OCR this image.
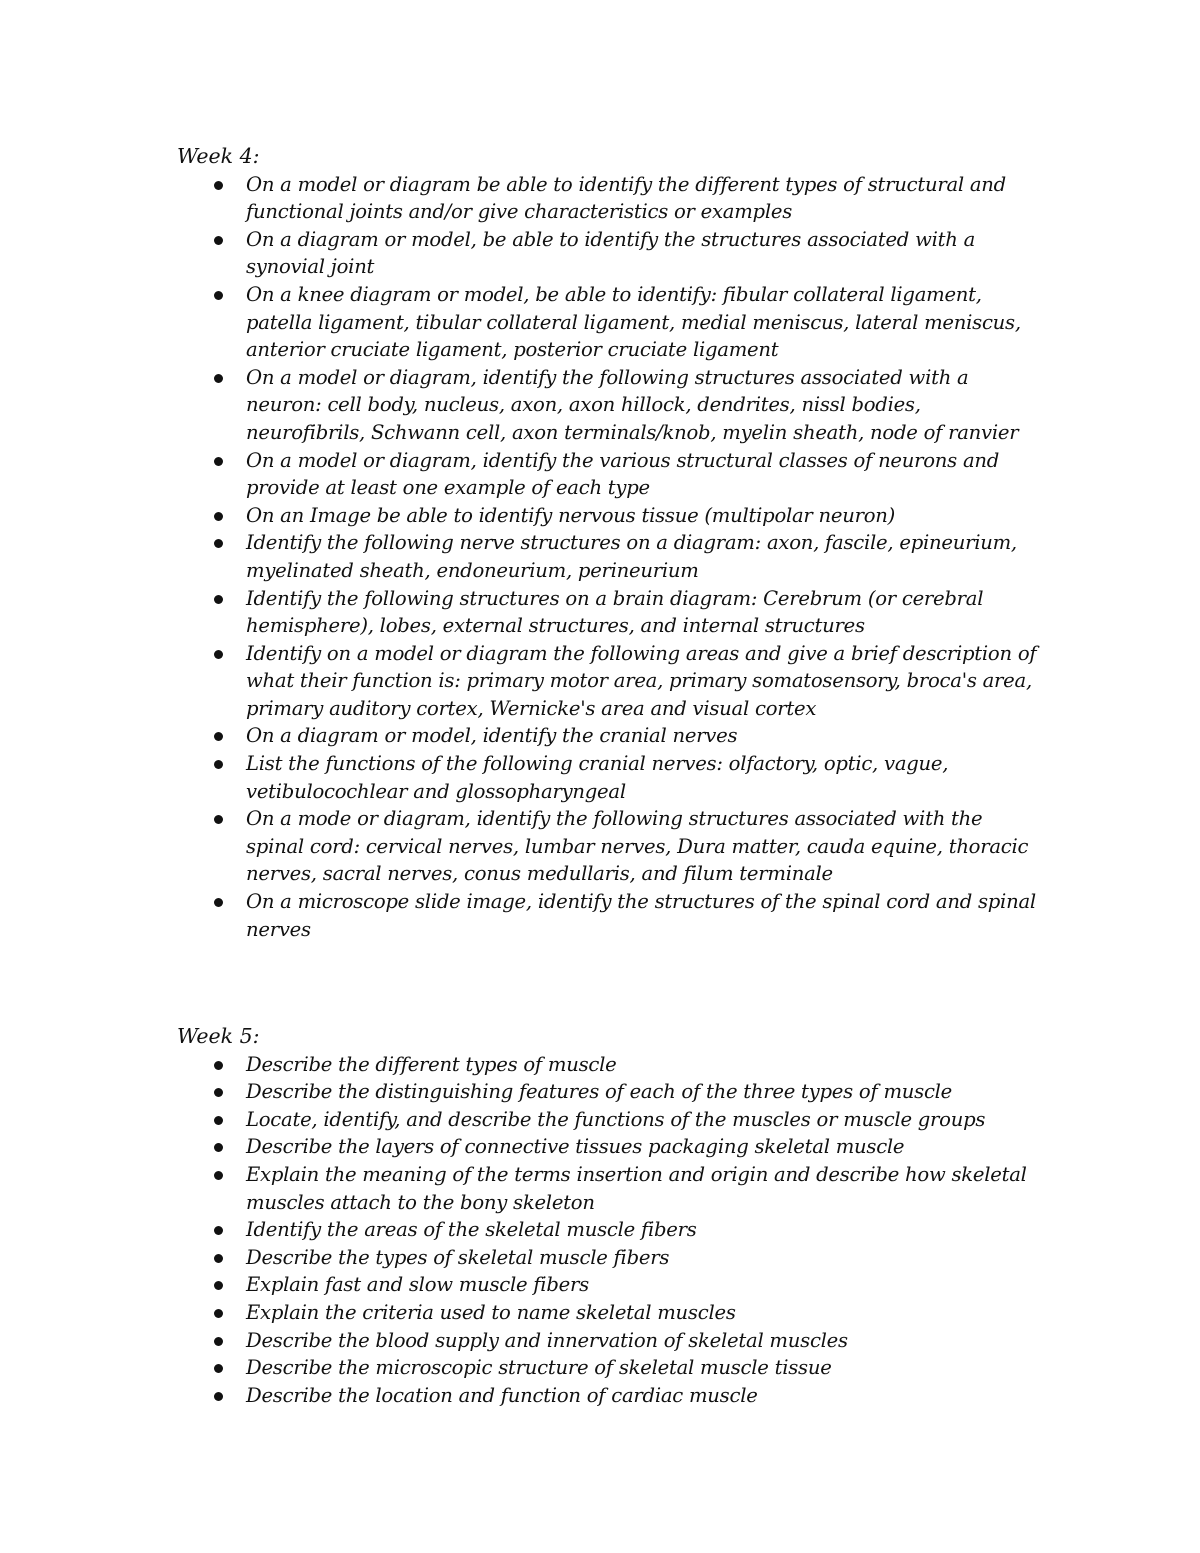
Week 4:
On a model or diagram be able to identify the different types of structural and functional joints and/or give characteristics or examples
On a diagram or model, be able to identify the structures associated with a synovial joint
On a knee diagram or model, be able to identify: fibular collateral ligament, patella ligament, tibular collateral ligament, medial meniscus, lateral meniscus, anterior cruciate ligament, posterior cruciate ligament
On a model or diagram, identify the following structures associated with a neuron: cell body, nucleus, axon, axon hillock, dendrites, nissl bodies, neurofibrils, Schwann cell, axon terminals/knob, myelin sheath, node of ranvier
On a model or diagram, identify the various structural classes of neurons and provide at least one example of each type
On an Image be able to identify nervous tissue (multipolar neuron)
Identify the following nerve structures on a diagram: axon, fascile, epineurium, myelinated sheath, endoneurium, perineurium
Identify the following structures on a brain diagram: Cerebrum (or cerebral hemisphere), lobes, external structures, and internal structures
Identify on a model or diagram the following areas and give a brief description of what their function is: primary motor area, primary somatosensory, broca's area, primary auditory cortex, Wernicke's area and visual cortex
On a diagram or model, identify the cranial nerves
List the functions of the following cranial nerves: olfactory, optic, vague, vetibulocochlear and glossopharyngeal
On a mode or diagram, identify the following structures associated with the spinal cord: cervical nerves, lumbar nerves, Dura matter, cauda equine, thoracic nerves, sacral nerves, conus medullaris, and filum terminale
On a microscope slide image, identify the structures of the spinal cord and spinal nerves
Week 5:
Describe the different types of muscle
Describe the distinguishing features of each of the three types of muscle
Locate, identify, and describe the functions of the muscles or muscle groups
Describe the layers of connective tissues packaging skeletal muscle
Explain the meaning of the terms insertion and origin and describe how skeletal muscles attach to the bony skeleton
Identify the areas of the skeletal muscle fibers
Describe the types of skeletal muscle fibers
Explain fast and slow muscle fibers
Explain the criteria used to name skeletal muscles
Describe the blood supply and innervation of skeletal muscles
Describe the microscopic structure of skeletal muscle tissue
Describe the location and function of cardiac muscle
